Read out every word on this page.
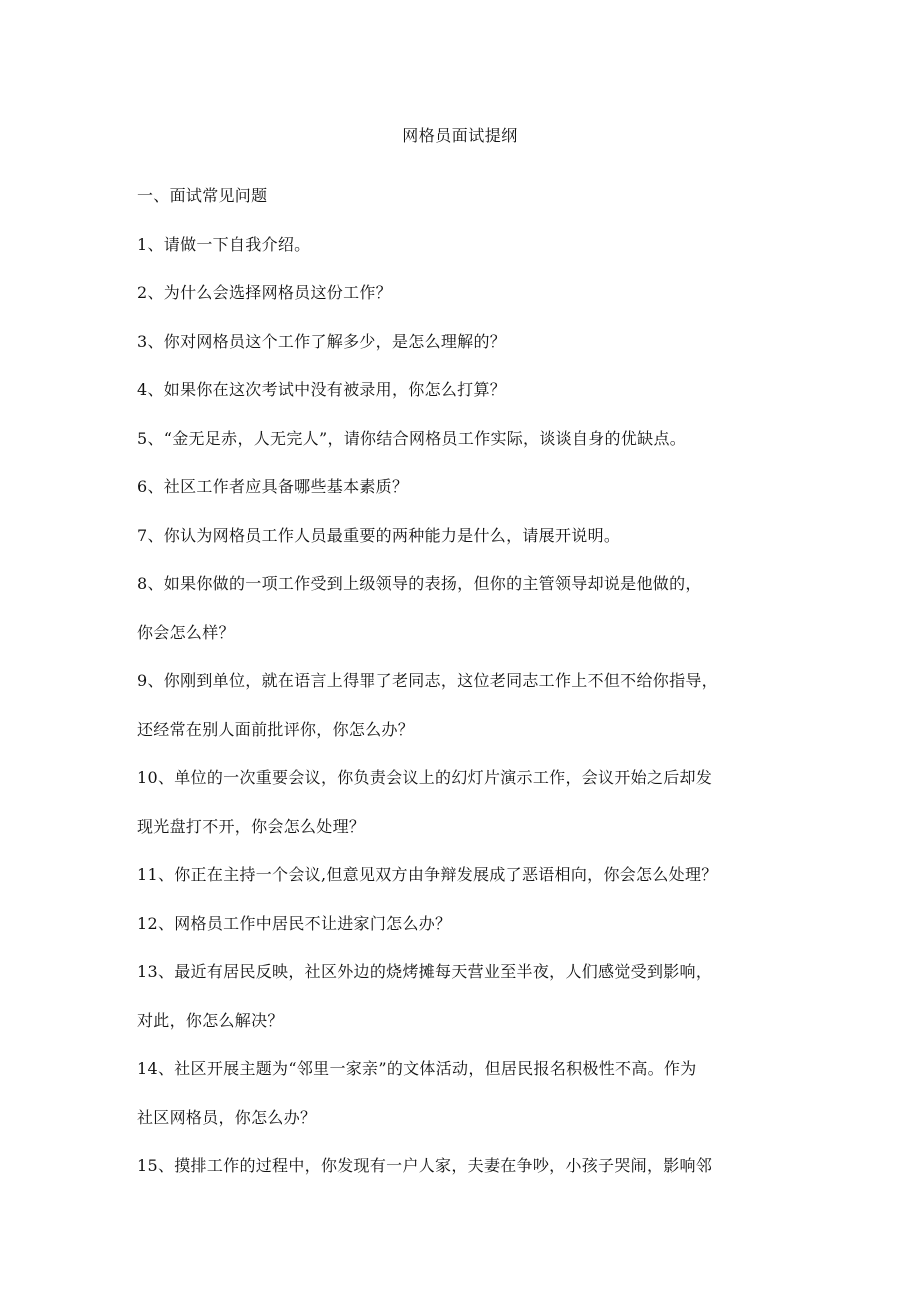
网格员面试提纲
一、面试常见问题
1、请做一下自我介绍。
2、为什么会选择网格员这份工作？
3、你对网格员这个工作了解多少，是怎么理解的？
4、如果你在这次考试中没有被录用，你怎么打算？
5、“金无足赤，人无完人”，请你结合网格员工作实际，谈谈自身的优缺点。
6、社区工作者应具备哪些基本素质？
7、你认为网格员工作人员最重要的两种能力是什么，请展开说明。
8、如果你做的一项工作受到上级领导的表扬，但你的主管领导却说是他做的，
你会怎么样？
9、你刚到单位，就在语言上得罪了老同志，这位老同志工作上不但不给你指导，
还经常在别人面前批评你，你怎么办？
10、单位的一次重要会议，你负责会议上的幻灯片演示工作，会议开始之后却发
现光盘打不开，你会怎么处理？
11、你正在主持一个会议,但意见双方由争辩发展成了恶语相向，你会怎么处理？
12、网格员工作中居民不让进家门怎么办？
13、最近有居民反映，社区外边的烧烤摊每天营业至半夜，人们感觉受到影响，
对此，你怎么解决？
14、社区开展主题为“邻里一家亲”的文体活动，但居民报名积极性不高。作为
社区网格员，你怎么办？
15、摸排工作的过程中，你发现有一户人家，夫妻在争吵，小孩子哭闹，影响邻
